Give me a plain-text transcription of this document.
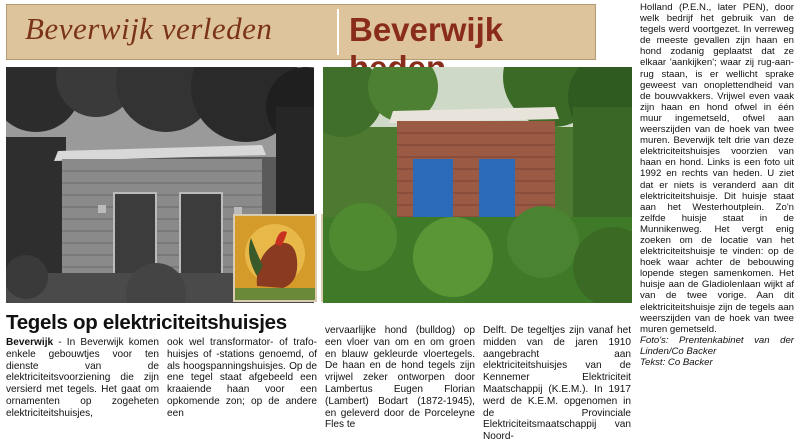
Beverwijk verleden Beverwijk
Tegels op elektriciteitshuisjes

Beverwijk - In Beverwijk komen enkele gebouwtjes voor ten dienste van de elektriciteitsvoorziening die zijn versierd met tegels. Het gaat om ornamenten op zogeheten elektriciteitshuisjes,

ook wel transformator- of trafo-huisjes of -stations genoemd, of als hoogspanningshuisjes. Op de ene tegel staat afgebeeld een kraaiende haan voor een opkomende zon; op de andere een

vervaarlijke hond (bulldog) op een vloer van om en om groen en blauw gekleurde vloertegels. De haan en de hond tegels zijn vrijwel zeker ontworpen door Lambertus Eugen Florian (Lambert) Bodart (1872-1945), en geleverd door de Porceleyne Fles te

Delft. De tegeltjes zijn vanaf het midden van de jaren 1910 aangebracht aan elektriciteitshuisjes van de Kennemer Elektriciteit Maatschappij (K.E.M.). In 1917 werd de K.E.M. opgenomen in de Provinciale Elektriciteitsmaatschappij van Noord-

Holland (P.E.N., later PEN), door welk bedrijf het gebruik van de tegels werd voortgezet. In verreweg de meeste gevallen zijn haan en hond zodanig geplaatst dat ze elkaar 'aankijken'; waar zij rug-aan-rug staan, is er wellicht sprake geweest van onoplettendheid van de bouwvakkers. Vrijwel even vaak zijn haan en hond ofwel in één muur ingemetseld, ofwel aan weerszijden van de hoek van twee muren. Beverwijk telt drie van deze elektriciteitshuisjes voorzien van haan en hond. Links is een foto uit 1992 en rechts van heden. U ziet dat er niets is veranderd aan dit elektriciteitshuisje. Dit huisje staat aan het Westerhoutplein. Zo'n zelfde huisje staat in de Munnikenweg. Het vergt enig zoeken om de locatie van het elektriciteitshuisje te vinden: op de hoek waar achter de bebouwing lopende stegen samenkomen. Het huisje aan de Gladiolenlaan wijkt af van de twee vorige. Aan dit elektriciteitshuisje zijn de tegels aan weerszijden van de hoek van twee muren gemetseld.

Foto's: Prentenkabinet van der Linden/Co Backer

Tekst: Co Backer
